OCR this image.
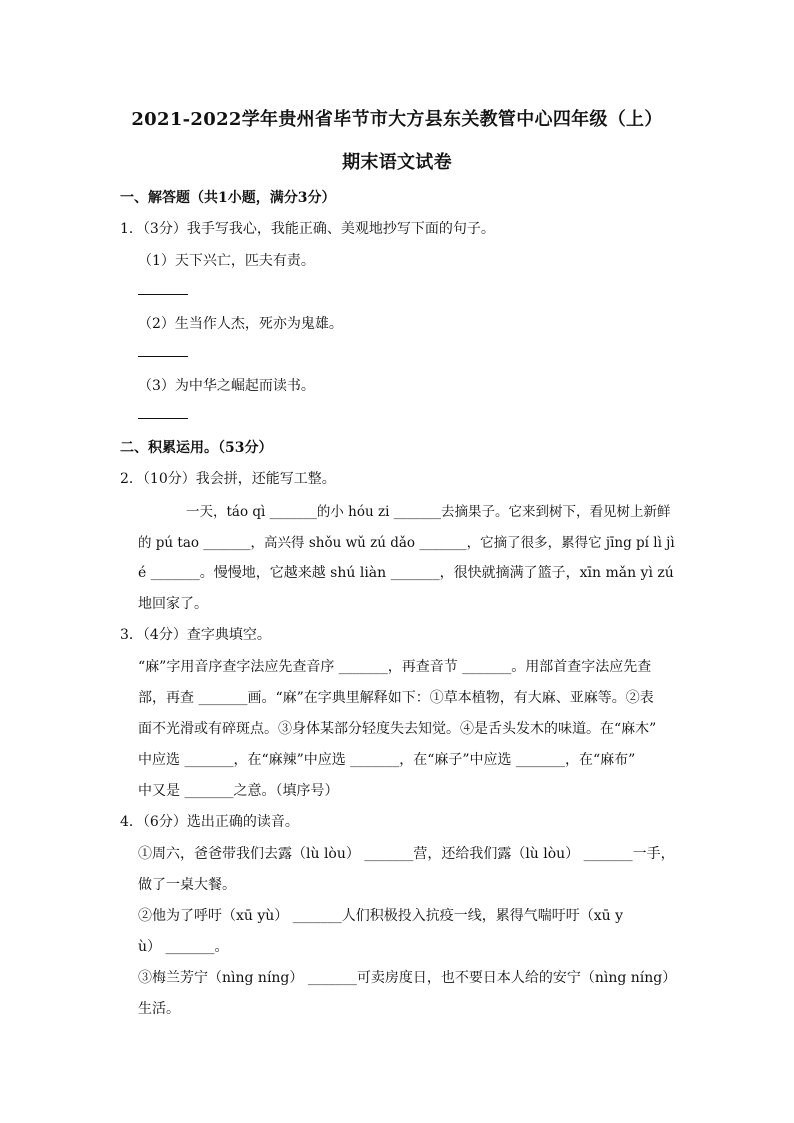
2021-2022学年贵州省毕节市大方县东关教管中心四年级（上）
期末语文试卷
一、解答题（共1小题，满分3分）
1．（3分）我手写我心，我能正确、美观地抄写下面的句子。
（1）天下兴亡，匹夫有责。
（2）生当作人杰，死亦为鬼雄。
（3）为中华之崛起而读书。
二、积累运用。（53分）
2．（10分）我会拼，还能写工整。
一天，táo qì _______的小 hóu zi _______去摘果子。它来到树下，看见树上新鲜
的 pú tao _______，高兴得 shǒu wǔ zú dǎo _______，它摘了很多，累得它 jīng pí lì jì
é _______。慢慢地，它越来越 shú liàn _______，很快就摘满了篮子，xīn mǎn yì zú
地回家了。
3．（4分）查字典填空。
“麻”字用音序查字法应先查音序 _______，再查音节 _______。用部首查字法应先查
部，再查 _______画。“麻”在字典里解释如下：①草本植物，有大麻、亚麻等。②表
面不光滑或有碎斑点。③身体某部分轻度失去知觉。④是舌头发木的味道。在“麻木”
中应选 _______，在“麻辣”中应选 _______，在“麻子”中应选 _______，在“麻布”
中又是 _______之意。（填序号）
4．（6分）选出正确的读音。
①周六，爸爸带我们去露（lù lòu） _______营，还给我们露（lù lòu） _______一手，
做了一桌大餐。
②他为了呼吁（xū yù） _______人们积极投入抗疫一线，累得气喘吁吁（xū y
ù） _______。
③梅兰芳宁（nìng níng） _______可卖房度日，也不要日本人给的安宁（nìng níng）
生活。
